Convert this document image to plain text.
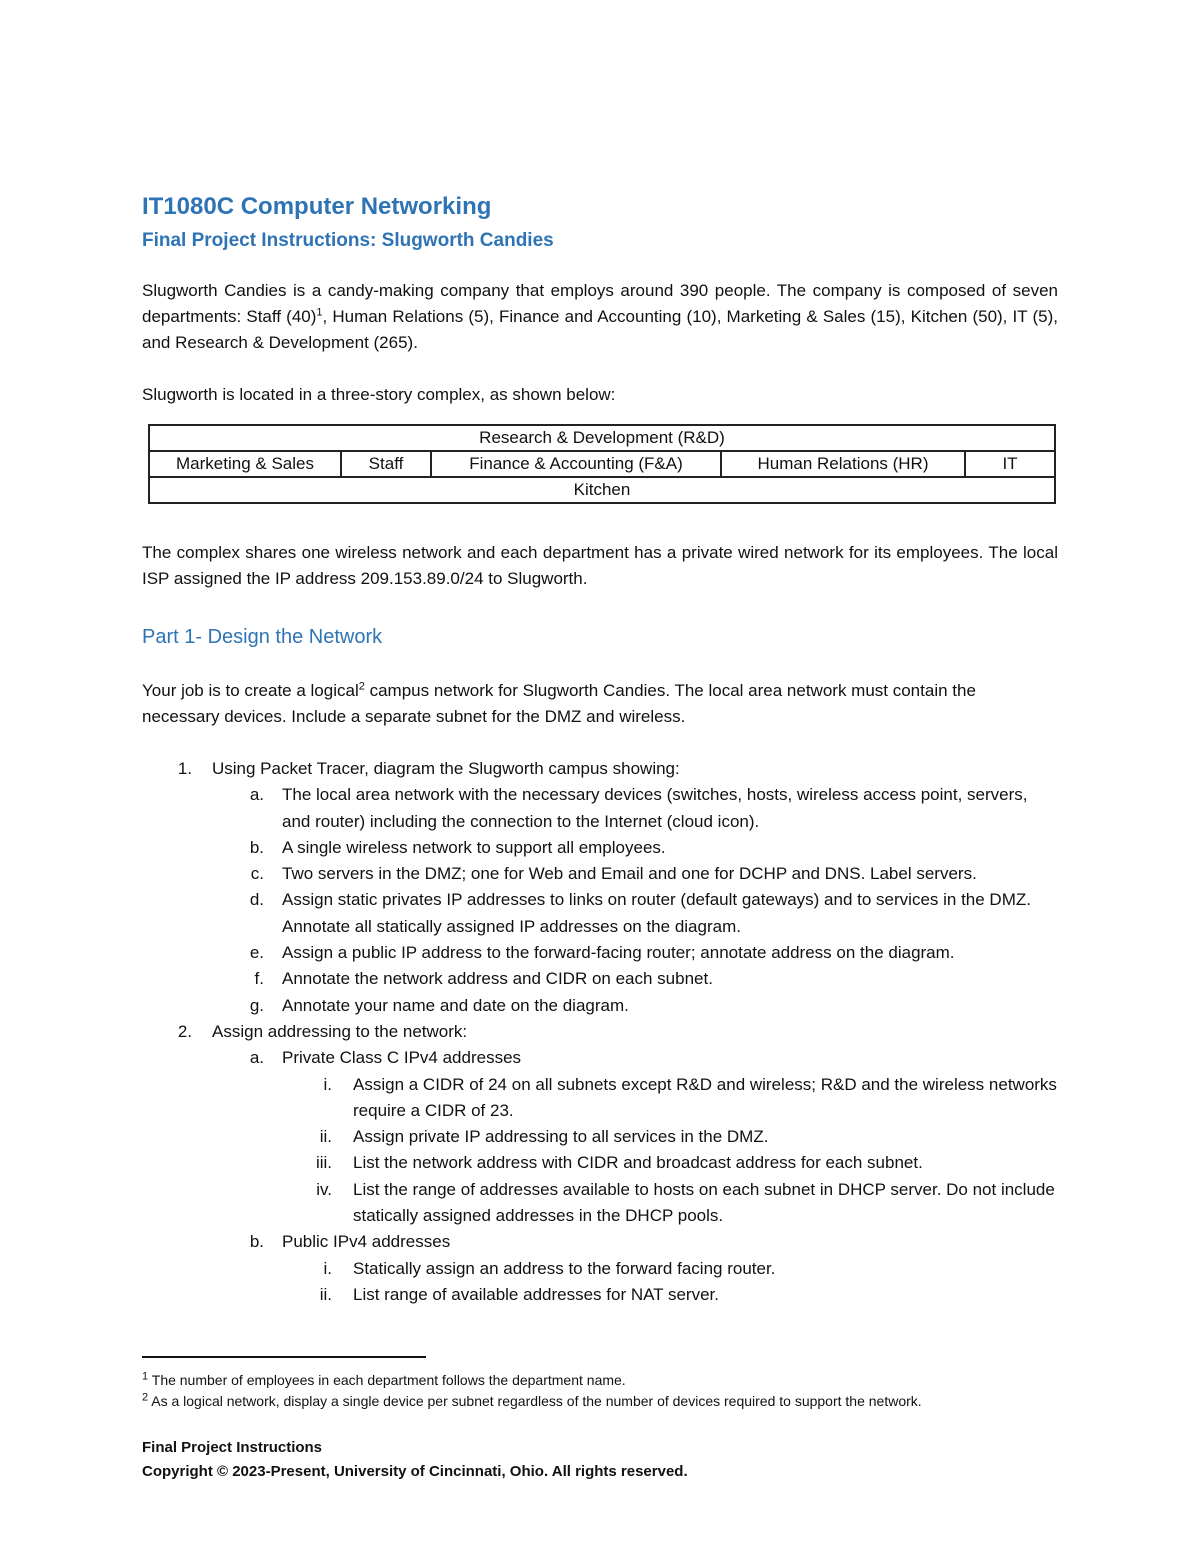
IT1080C Computer Networking
Final Project Instructions: Slugworth Candies

Slugworth Candies is a candy-making company that employs around 390 people. The company is composed of seven departments: Staff $(40)^1$, Human Relations (5), Finance and Accounting (10), Marketing & Sales (15), Kitchen (50), IT (5), and Research & Development (265).

Slugworth is located in a three-story complex, as shown below:

Research & Development (R&D)
Marketing & Sales	Staff	Finance & Accounting (F&A)	Human Relations (HR)	IT
Kitchen

The complex shares one wireless network and each department has a private wired network for its employees. The local ISP assigned the IP address 209.153.89.0/24 to Slugworth.

Part 1- Design the Network

Your job is to create a logical$^2$ campus network for Slugworth Candies. The local area network must contain the necessary devices. Include a separate subnet for the DMZ and wireless.

1. Using Packet Tracer, diagram the Slugworth campus showing:
a. The local area network with the necessary devices (switches, hosts, wireless access point, servers, and router) including the connection to the Internet (cloud icon).
b. A single wireless network to support all employees.
c. Two servers in the DMZ; one for Web and Email and one for DCHP and DNS. Label servers.
d. Assign static privates IP addresses to links on router (default gateways) and to services in the DMZ. Annotate all statically assigned IP addresses on the diagram.
e. Assign a public IP address to the forward-facing router; annotate address on the diagram.
f. Annotate the network address and CIDR on each subnet.
g. Annotate your name and date on the diagram.
2. Assign addressing to the network:
a. Private Class C IPv4 addresses
i. Assign a CIDR of 24 on all subnets except R&D and wireless; R&D and the wireless networks require a CIDR of 23.
ii. Assign private IP addressing to all services in the DMZ.
iii. List the network address with CIDR and broadcast address for each subnet.
iv. List the range of addresses available to hosts on each subnet in DHCP server. Do not include statically assigned addresses in the DHCP pools.
b. Public IPv4 addresses
i. Statically assign an address to the forward facing router.
ii. List range of available addresses for NAT server.
$^1$ The number of employees in each department follows the department name.
$^2$ As a logical network, display a single device per subnet regardless of the number of devices required to support the network.
Final Project Instructions
Copyright © 2023-Present, University of Cincinnati, Ohio. All rights reserved.
